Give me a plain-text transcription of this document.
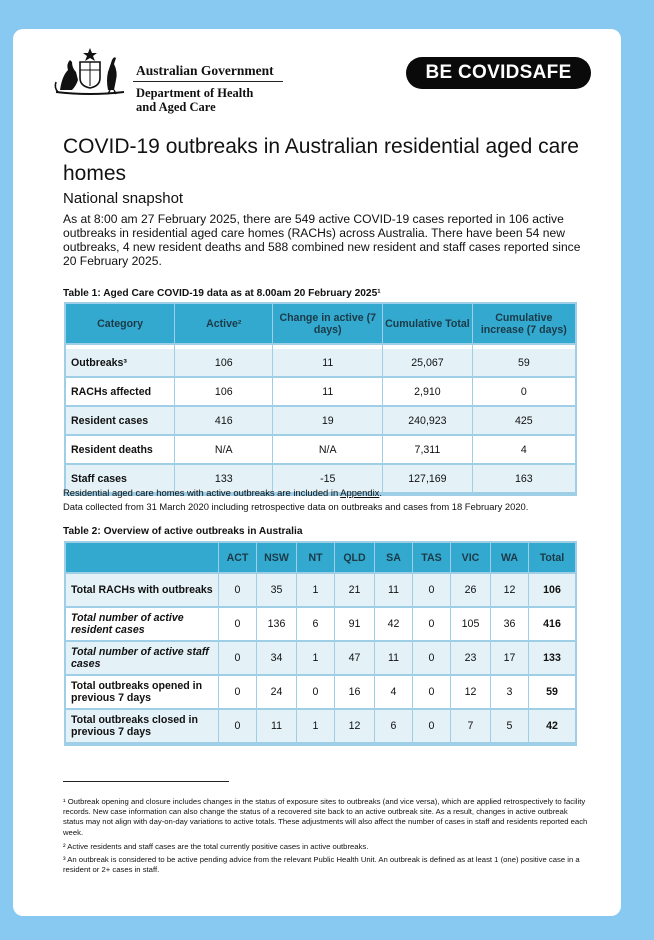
Australian Government
Department of Health
and Aged Care
BE COVIDSAFE
COVID-19 outbreaks in Australian residential aged care homes
National snapshot
As at 8:00 am 27 February 2025, there are 549 active COVID-19 cases reported in 106 active outbreaks in residential aged care homes (RACHs) across Australia. There have been 54 new outbreaks, 4 new resident deaths and 588 combined new resident and staff cases reported since 20 February 2025.
Table 1: Aged Care COVID-19 data as at 8.00am 20 February 2025¹
Category	Active²	Change in active (7 days)	Cumulative Total	Cumulative increase (7 days)

Outbreaks³	106	11	25,067	59
RACHs affected	106	11	2,910	0
Resident cases	416	19	240,923	425
Resident deaths	N/A	N/A	7,311	4
Staff cases	133	-15	127,169	163
Residential aged care homes with active outbreaks are included in Appendix.
Data collected from 31 March 2020 including retrospective data on outbreaks and cases from 18 February 2020.
Table 2: Overview of active outbreaks in Australia
	ACT	NSW	NT	QLD	SA	TAS	VIC	WA	Total
Total RACHs with outbreaks	0	35	1	21	11	0	26	12	106
Total number of active resident cases	0	136	6	91	42	0	105	36	416
Total number of active staff cases	0	34	1	47	11	0	23	17	133
Total outbreaks opened in previous 7 days	0	24	0	16	4	0	12	3	59
Total outbreaks closed in previous 7 days	0	11	1	12	6	0	7	5	42
¹ Outbreak opening and closure includes changes in the status of exposure sites to outbreaks (and vice versa), which are applied retrospectively to facility records. New case information can also change the status of a recovered site back to an active outbreak site. As a result, changes in active outbreak status may not align with day-on-day variations to active totals. These adjustments will also affect the number of cases in staff and residents reported each week.
² Active residents and staff cases are the total currently positive cases in active outbreaks.
³ An outbreak is considered to be active pending advice from the relevant Public Health Unit. An outbreak is defined as at least 1 (one) positive case in a resident or 2+ cases in staff.
